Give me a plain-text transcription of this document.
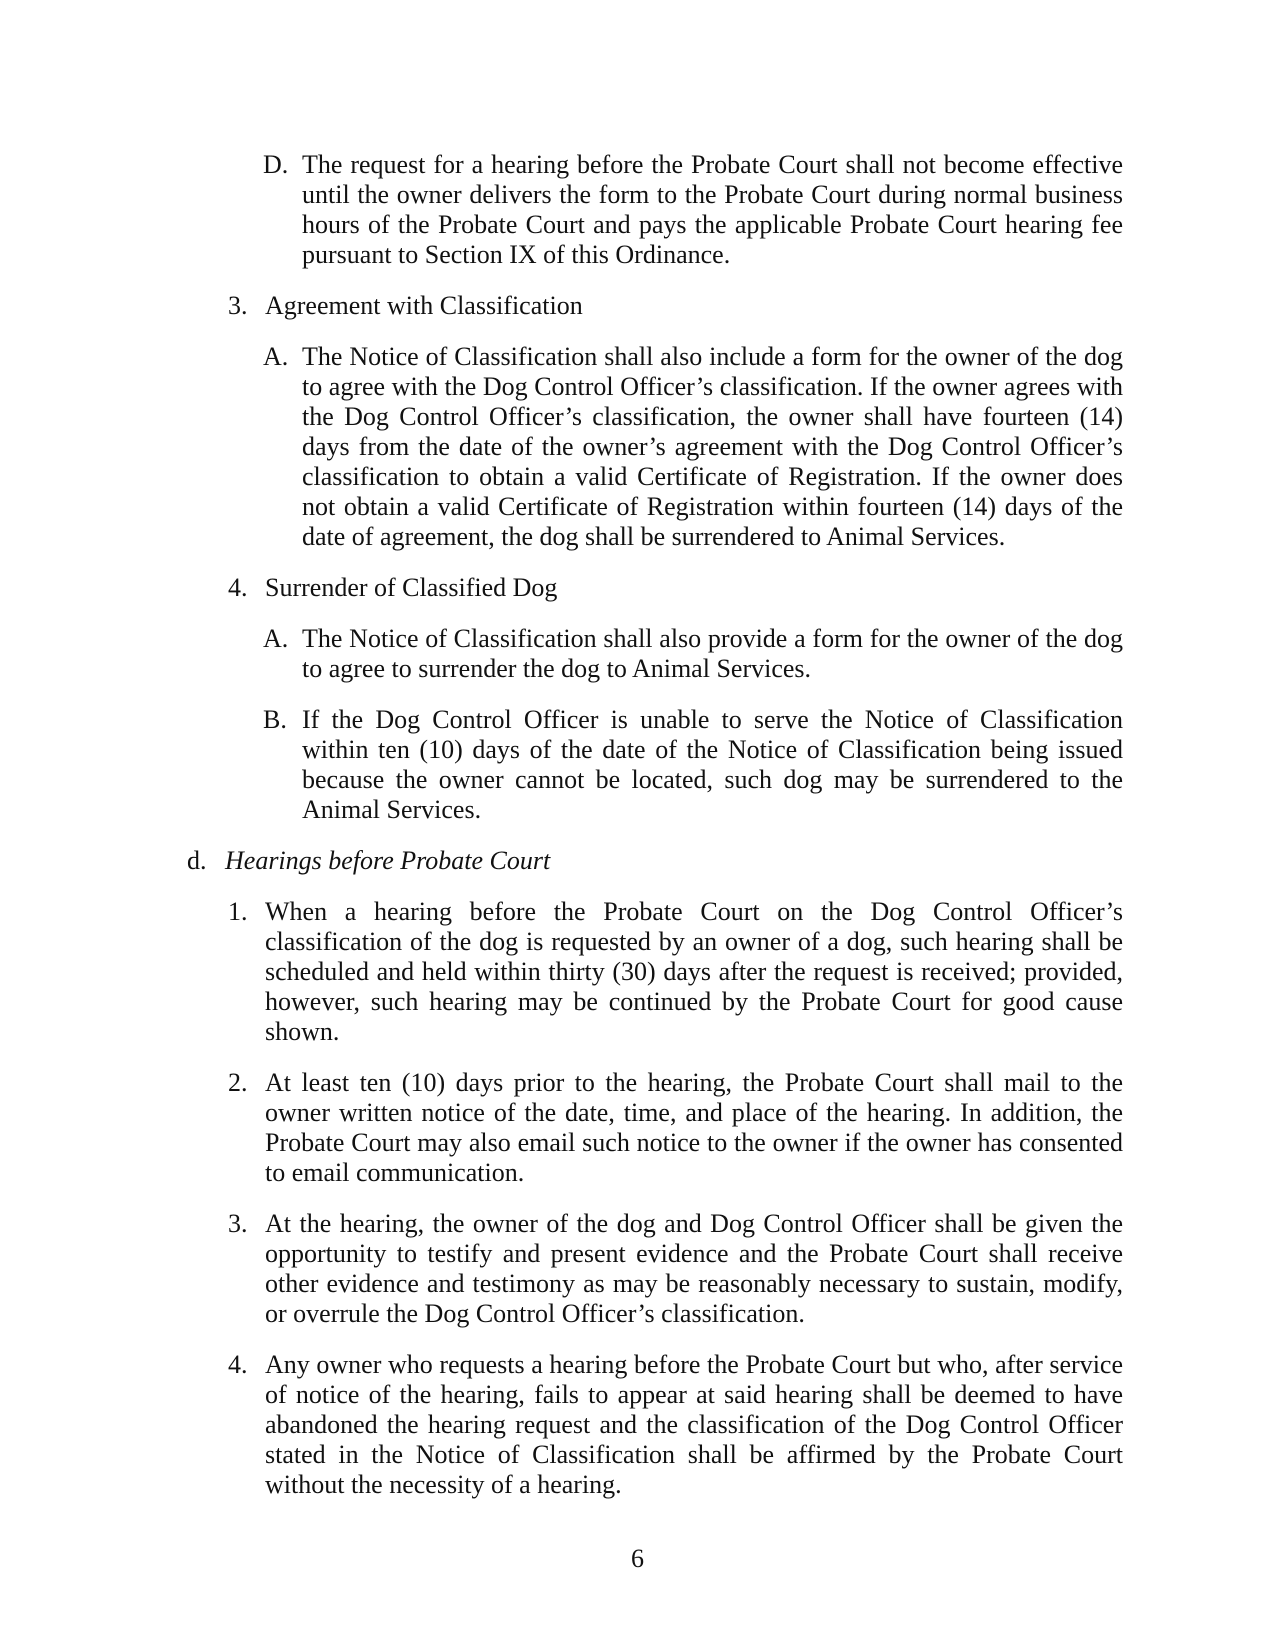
D. The request for a hearing before the Probate Court shall not become effective until the owner delivers the form to the Probate Court during normal business hours of the Probate Court and pays the applicable Probate Court hearing fee pursuant to Section IX of this Ordinance.
3. Agreement with Classification
A. The Notice of Classification shall also include a form for the owner of the dog to agree with the Dog Control Officer’s classification. If the owner agrees with the Dog Control Officer’s classification, the owner shall have fourteen (14) days from the date of the owner’s agreement with the Dog Control Officer’s classification to obtain a valid Certificate of Registration. If the owner does not obtain a valid Certificate of Registration within fourteen (14) days of the date of agreement, the dog shall be surrendered to Animal Services.
4. Surrender of Classified Dog
A. The Notice of Classification shall also provide a form for the owner of the dog to agree to surrender the dog to Animal Services.
B. If the Dog Control Officer is unable to serve the Notice of Classification within ten (10) days of the date of the Notice of Classification being issued because the owner cannot be located, such dog may be surrendered to the Animal Services.
d. Hearings before Probate Court
1. When a hearing before the Probate Court on the Dog Control Officer’s classification of the dog is requested by an owner of a dog, such hearing shall be scheduled and held within thirty (30) days after the request is received; provided, however, such hearing may be continued by the Probate Court for good cause shown.
2. At least ten (10) days prior to the hearing, the Probate Court shall mail to the owner written notice of the date, time, and place of the hearing. In addition, the Probate Court may also email such notice to the owner if the owner has consented to email communication.
3. At the hearing, the owner of the dog and Dog Control Officer shall be given the opportunity to testify and present evidence and the Probate Court shall receive other evidence and testimony as may be reasonably necessary to sustain, modify, or overrule the Dog Control Officer’s classification.
4. Any owner who requests a hearing before the Probate Court but who, after service of notice of the hearing, fails to appear at said hearing shall be deemed to have abandoned the hearing request and the classification of the Dog Control Officer stated in the Notice of Classification shall be affirmed by the Probate Court without the necessity of a hearing.
6
